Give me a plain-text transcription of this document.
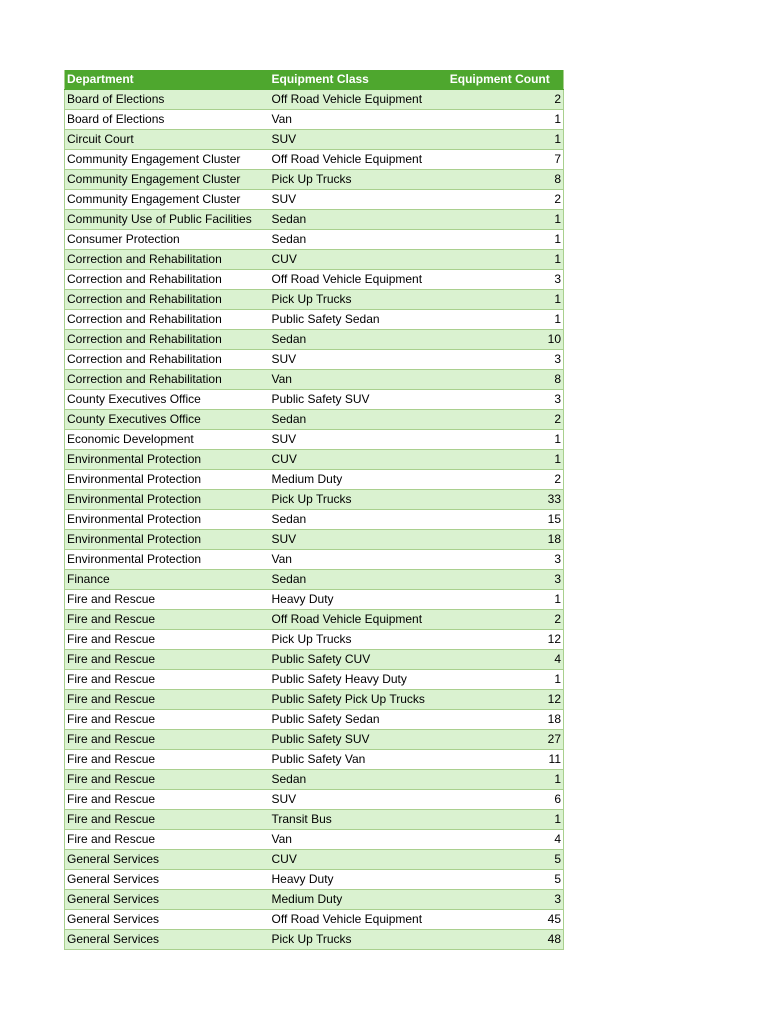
Department	Equipment Class	Equipment Count
Board of Elections	Off Road Vehicle Equipment	2
Board of Elections	Van	1
Circuit Court	SUV	1
Community Engagement Cluster	Off Road Vehicle Equipment	7
Community Engagement Cluster	Pick Up Trucks	8
Community Engagement Cluster	SUV	2
Community Use of Public Facilities	Sedan	1
Consumer Protection	Sedan	1
Correction and Rehabilitation	CUV	1
Correction and Rehabilitation	Off Road Vehicle Equipment	3
Correction and Rehabilitation	Pick Up Trucks	1
Correction and Rehabilitation	Public Safety Sedan	1
Correction and Rehabilitation	Sedan	10
Correction and Rehabilitation	SUV	3
Correction and Rehabilitation	Van	8
County Executives Office	Public Safety SUV	3
County Executives Office	Sedan	2
Economic Development	SUV	1
Environmental Protection	CUV	1
Environmental Protection	Medium Duty	2
Environmental Protection	Pick Up Trucks	33
Environmental Protection	Sedan	15
Environmental Protection	SUV	18
Environmental Protection	Van	3
Finance	Sedan	3
Fire and Rescue	Heavy Duty	1
Fire and Rescue	Off Road Vehicle Equipment	2
Fire and Rescue	Pick Up Trucks	12
Fire and Rescue	Public Safety CUV	4
Fire and Rescue	Public Safety Heavy Duty	1
Fire and Rescue	Public Safety Pick Up Trucks	12
Fire and Rescue	Public Safety Sedan	18
Fire and Rescue	Public Safety SUV	27
Fire and Rescue	Public Safety Van	11
Fire and Rescue	Sedan	1
Fire and Rescue	SUV	6
Fire and Rescue	Transit Bus	1
Fire and Rescue	Van	4
General Services	CUV	5
General Services	Heavy Duty	5
General Services	Medium Duty	3
General Services	Off Road Vehicle Equipment	45
General Services	Pick Up Trucks	48
